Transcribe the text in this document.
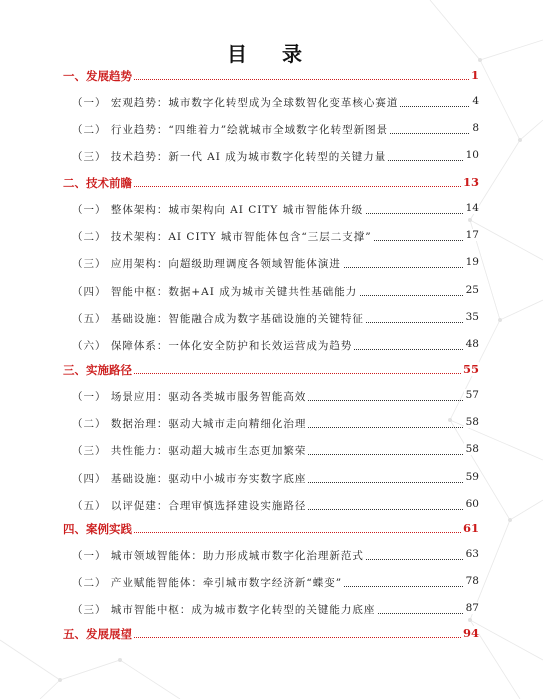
目 录
一、发展趋势	1
（一） 宏观趋势：城市数字化转型成为全球数智化变革核心赛道	4
（二） 行业趋势：“四维着力”绘就城市全域数字化转型新图景	8
（三） 技术趋势：新一代 AI 成为城市数字化转型的关键力量	10
二、技术前瞻	13
（一） 整体架构：城市架构向 AI CITY 城市智能体升级	14
（二） 技术架构：AI CITY 城市智能体包含“三层二支撑”	17
（三） 应用架构：向超级助理调度各领域智能体演进	19
（四） 智能中枢：数据+AI 成为城市关键共性基础能力	25
（五） 基础设施：智能融合成为数字基础设施的关键特征	35
（六） 保障体系：一体化安全防护和长效运营成为趋势	48
三、实施路径	55
（一） 场景应用：驱动各类城市服务智能高效	57
（二） 数据治理：驱动大城市走向精细化治理	58
（三） 共性能力：驱动超大城市生态更加繁荣	58
（四） 基础设施：驱动中小城市夯实数字底座	59
（五） 以评促建：合理审慎选择建设实施路径	60
四、案例实践	61
（一） 城市领域智能体：助力形成城市数字化治理新范式	63
（二） 产业赋能智能体：牵引城市数字经济新“蝶变”	78
（三） 城市智能中枢：成为城市数字化转型的关键能力底座	87
五、发展展望	94
